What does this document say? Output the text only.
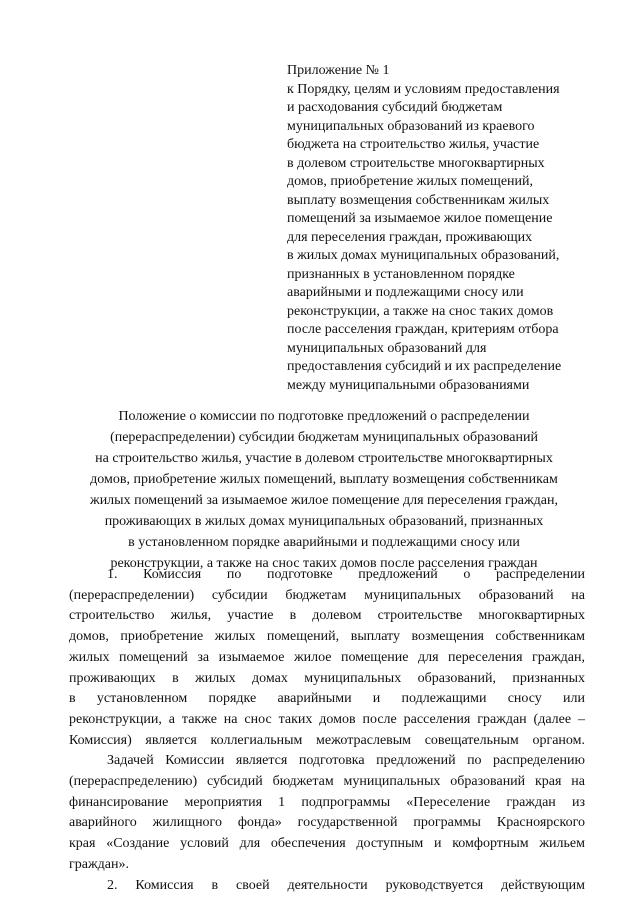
Приложение № 1
к Порядку, целям и условиям предоставления
и расходования субсидий бюджетам
муниципальных образований из краевого
бюджета на строительство жилья, участие
в долевом строительстве многоквартирных
домов, приобретение жилых помещений,
выплату возмещения собственникам жилых
помещений за изымаемое жилое помещение
для переселения граждан, проживающих
в жилых домах муниципальных образований,
признанных в установленном порядке
аварийными и подлежащими сносу или
реконструкции, а также на снос таких домов
после расселения граждан, критериям отбора
муниципальных образований для
предоставления субсидий и их распределение
между муниципальными образованиями
Положение о комиссии по подготовке предложений о распределении
(перераспределении) субсидии бюджетам муниципальных образований
на строительство жилья, участие в долевом строительстве многоквартирных
домов, приобретение жилых помещений, выплату возмещения собственникам
жилых помещений за изымаемое жилое помещение для переселения граждан,
проживающих в жилых домах муниципальных образований, признанных
в установленном порядке аварийными и подлежащими сносу или
реконструкции, а также на снос таких домов после расселения граждан
1. Комиссия по подготовке предложений о распределении
(перераспределении) субсидии бюджетам муниципальных образований на
строительство жилья, участие в долевом строительстве многоквартирных
домов, приобретение жилых помещений, выплату возмещения собственникам
жилых помещений за изымаемое жилое помещение для переселения граждан,
проживающих в жилых домах муниципальных образований, признанных
в установленном порядке аварийными и подлежащими сносу или
реконструкции, а также на снос таких домов после расселения граждан (далее –
Комиссия) является коллегиальным межотраслевым совещательным органом.
Задачей Комиссии является подготовка предложений по распределению
(перераспределению) субсидий бюджетам муниципальных образований края на
финансирование мероприятия 1 подпрограммы «Переселение граждан из
аварийного жилищного фонда» государственной программы Красноярского
края «Создание условий для обеспечения доступным и комфортным жильем
граждан».
2. Комиссия в своей деятельности руководствуется действующим
